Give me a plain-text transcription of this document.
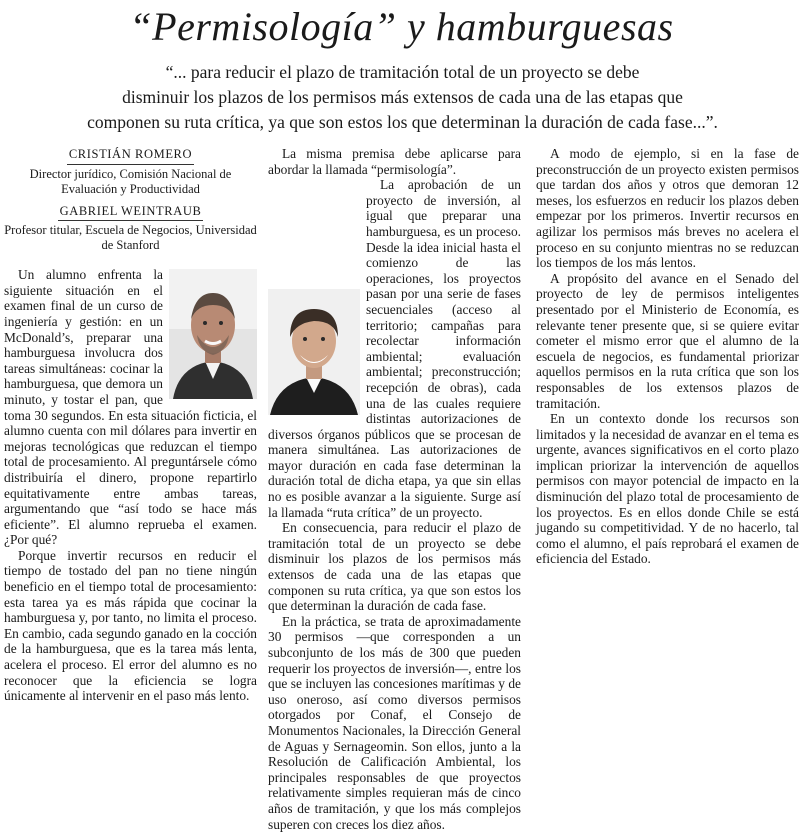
“Permisología” y hamburguesas
“... para reducir el plazo de tramitación total de un proyecto se debe
disminuir los plazos de los permisos más extensos de cada una de las etapas que
componen su ruta crítica, ya que son estos los que determinan la duración de cada fase...”.
CRISTIÁN ROMERO
Director jurídico, Comisión Nacional de Evaluación y Productividad
GABRIEL WEINTRAUB
Profesor titular, Escuela de Negocios, Universidad de Stanford

Un alumno enfrenta la siguiente situación en el examen final de un curso de ingeniería y gestión: en un McDonald’s, preparar una hamburguesa involucra dos tareas simultáneas: cocinar la hamburguesa, que demora un minuto, y tostar el pan, que toma 30 segundos. En esta situación ficticia, el alumno cuenta con mil dólares para invertir en mejoras tecnológicas que reduzcan el tiempo total de procesamiento. Al preguntársele cómo distribuiría el dinero, propone repartirlo equitativamente entre ambas tareas, argumentando que “así todo se hace más eficiente”. El alumno reprueba el examen. ¿Por qué?

Porque invertir recursos en reducir el tiempo de tostado del pan no tiene ningún beneficio en el tiempo total de procesamiento: esta tarea ya es más rápida que cocinar la hamburguesa y, por tanto, no limita el proceso. En cambio, cada segundo ganado en la cocción de la hamburguesa, que es la tarea más lenta, acelera el proceso. El error del alumno es no reconocer que la eficiencia se logra únicamente al intervenir en el paso más lento.

La misma premisa debe aplicarse para abordar la llamada “permisología”.

La aprobación de un proyecto de inversión, al igual que preparar una hamburguesa, es un proceso. Desde la idea inicial hasta el comienzo de las operaciones, los proyectos pasan por una serie de fases secuenciales (acceso al territorio; campañas para recolectar información ambiental; evaluación ambiental; preconstrucción; recepción de obras), cada una de las cuales requiere distintas autorizaciones de diversos órganos públicos que se procesan de manera simultánea. Las autorizaciones de mayor duración en cada fase determinan la duración total de dicha etapa, ya que sin ellas no es posible avanzar a la siguiente. Surge así la llamada “ruta crítica” de un proyecto.

En consecuencia, para reducir el plazo de tramitación total de un proyecto se debe disminuir los plazos de los permisos más extensos de cada una de las etapas que componen su ruta crítica, ya que son estos los que determinan la duración de cada fase.

En la práctica, se trata de aproximadamente 30 permisos —que corresponden a un subconjunto de los más de 300 que pueden requerir los proyectos de inversión—, entre los que se incluyen las concesiones marítimas y de uso oneroso, así como diversos permisos otorgados por Conaf, el Consejo de Monumentos Nacionales, la Dirección General de Aguas y Sernageomin. Son ellos, junto a la Resolución de Calificación Ambiental, los principales responsables de que proyectos relativamente simples requieran más de cinco años de tramitación, y que los más complejos superen con creces los diez años.

A modo de ejemplo, si en la fase de preconstrucción de un proyecto existen permisos que tardan dos años y otros que demoran 12 meses, los esfuerzos en reducir los plazos deben empezar por los primeros. Invertir recursos en agilizar los permisos más breves no acelera el proceso en su conjunto mientras no se reduzcan los tiempos de los más lentos.

A propósito del avance en el Senado del proyecto de ley de permisos inteligentes presentado por el Ministerio de Economía, es relevante tener presente que, si se quiere evitar cometer el mismo error que el alumno de la escuela de negocios, es fundamental priorizar aquellos permisos en la ruta crítica que son los responsables de los extensos plazos de tramitación.

En un contexto donde los recursos son limitados y la necesidad de avanzar en el tema es urgente, avances significativos en el corto plazo implican priorizar la intervención de aquellos permisos con mayor potencial de impacto en la disminución del plazo total de procesamiento de los proyectos. Es en ellos donde Chile se está jugando su competitividad. Y de no hacerlo, tal como el alumno, el país reprobará el examen de eficiencia del Estado.
